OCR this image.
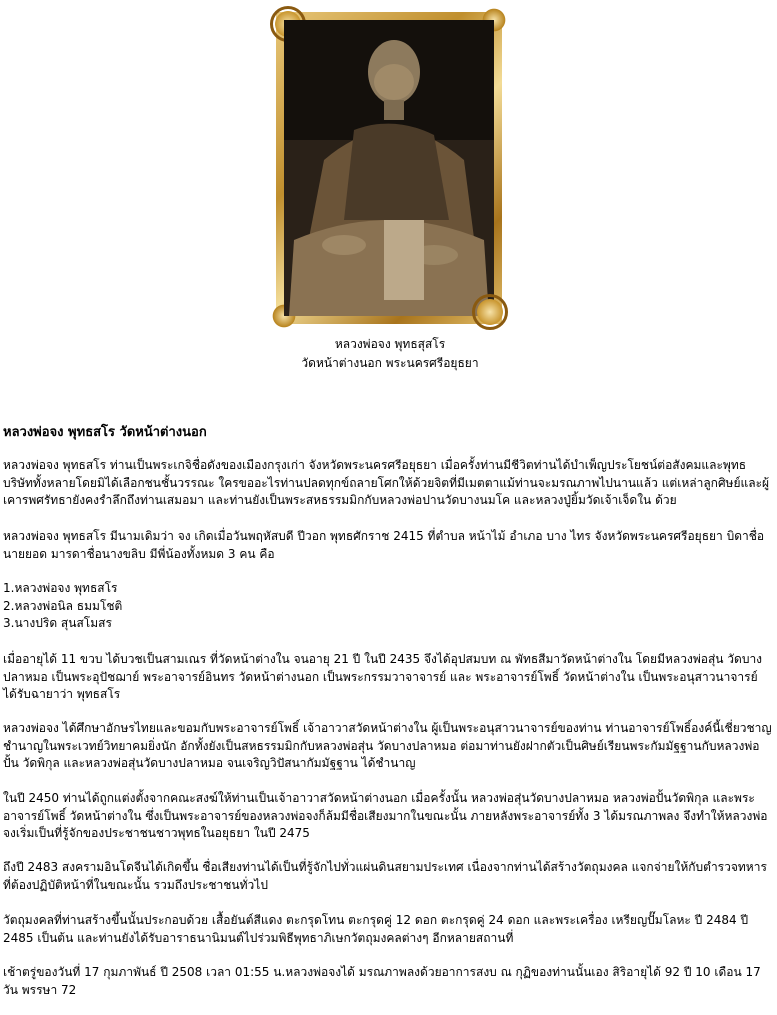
หลวงพ่อจง พุทธสุสโร
วัดหน้าต่างนอก พระนครศรีอยุธยา
หลวงพ่อจง พุทธสโร วัดหน้าต่างนอก

หลวงพ่อจง พุทธสโร ท่านเป็นพระเกจิชื่อดังของเมืองกรุงเก่า จังหวัดพระนครศรีอยุธยา เมื่อครั้งท่านมีชีวิตท่านได้บำเพ็ญประโยชน์ต่อสังคมและพุทธบริษัททั้งหลายโดยมิได้เลือกชนชั้นวรรณะ ใครขออะไรท่านปลดทุกข์ถลายโศกให้ด้วยจิตที่มีเมตตาแม้ท่านจะมรณภาพไปนานแล้ว แต่เหล่าลูกศิษย์และผู้เคารพศรัทธายังคงรำลึกถึงท่านเสมอมา และท่านยังเป็นพระสหธรรมมิกกับหลวงพ่อปานวัดบางนมโค และหลวงปู่ยิ้มวัดเจ้าเจ็ดใน ด้วย

หลวงพ่อจง พุทธสโร มีนามเดิมว่า จง เกิดเมื่อวันพฤหัสบดี ปีวอก พุทธศักราช 2415 ที่ตำบล หน้าไม้ อำเภอ บาง ไทร จังหวัดพระนครศรีอยุธยา บิดาชื่อ นายยอด มารดาชื่อนางขลิบ มีพี่น้องทั้งหมด 3 คน คือ

1.หลวงพ่อจง พุทธสโร
2.หลวงพ่อนิล ธมมโชติ
3.นางปริด สุนสโมสร

เมื่ออายุได้ 11 ขวบ ได้บวชเป็นสามเณร ที่วัดหน้าต่างใน จนอายุ 21 ปี ในปี 2435 จึงได้อุปสมบท ณ พัทธสีมาวัดหน้าต่างใน โดยมีหลวงพ่อสุ่น วัดบางปลาหมอ เป็นพระอุปัชฌาย์ พระอาจารย์อินทร วัดหน้าต่างนอก เป็นพระกรรมวาจาจารย์ และ พระอาจารย์โพธิ์ วัดหน้าต่างใน เป็นพระอนุสาวนาจารย์ ได้รับฉายาว่า พุทธสโร

หลวงพ่อจง ได้ศึกษาอักษรไทยและขอมกับพระอาจารย์โพธิ์ เจ้าอาวาสวัดหน้าต่างใน ผู้เป็นพระอนุสาวนาจารย์ของท่าน ท่านอาจารย์โพธิ์องค์นี้เชี่ยวชาญชำนาญในพระเวทย์วิทยาคมยิ่งนัก อักทั้งยังเป็นสหธรรมมิกกับหลวงพ่อสุ่น วัดบางปลาหมอ ต่อมาท่านยังฝากตัวเป็นศิษย์เรียนพระกัมมัฐฐานกับหลวงพ่อปั้น วัดพิกุล และหลวงพ่อสุ่นวัดบางปลาหมอ จนเจริญวิปัสนากัมมัฐฐาน ได้ชำนาญ

ในปี 2450 ท่านได้ถูกแต่งตั้งจากคณะสงฆ์ให้ท่านเป็นเจ้าอาวาสวัดหน้าต่างนอก เมื่อครั้งนั้น หลวงพ่อสุ่นวัดบางปลาหมอ หลวงพ่อปั้นวัดพิกุล และพระอาจารย์โพธิ์ วัดหน้าต่างใน ซึ่งเป็นพระอาจารย์ของหลวงพ่อจงก็ล้มมีชื่อเสียงมากในขณะนั้น ภายหลังพระอาจารย์ทั้ง 3 ได้มรณภาพลง จึงทำให้หลวงพ่อจงเริ่มเป็นที่รู้จักของประชาชนชาวพุทธในอยุธยา ในปี 2475

ถึงปี 2483 สงครามอินโดจีนได้เกิดขึ้น ชื่อเสียงท่านได้เป็นที่รู้จักไปทั่วแผ่นดินสยามประเทศ เนื่องจากท่านได้สร้างวัตถุมงคล แจกจ่ายให้กับตำรวจทหาร ที่ต้องปฏิบัติหน้าที่ในขณะนั้น รวมถึงประชาชนทั่วไป

วัตถุมงคลที่ท่านสร้างขึ้นนั้นประกอบด้วย เสื้อยันต์สีแดง ตะกรุดโทน ตะกรุดคู่ 12 ดอก ตะกรุดคู่ 24 ดอก และพระเครื่อง เหรียญปั๊มโลหะ ปี 2484 ปี 2485 เป็นต้น และท่านยังได้รับอาราธนานิมนต์ไปร่วมพิธีพุทธาภิเษกวัตถุมงคลต่างๆ อีกหลายสถานที่

เช้าตรู่ของวันที่ 17 กุมภาพันธ์ ปี 2508 เวลา 01:55 น.หลวงพ่อจงได้ มรณภาพลงด้วยอาการสงบ ณ กุฏิของท่านนั้นเอง สิริอายุได้ 92 ปี 10 เดือน 17 วัน พรรษา 72
